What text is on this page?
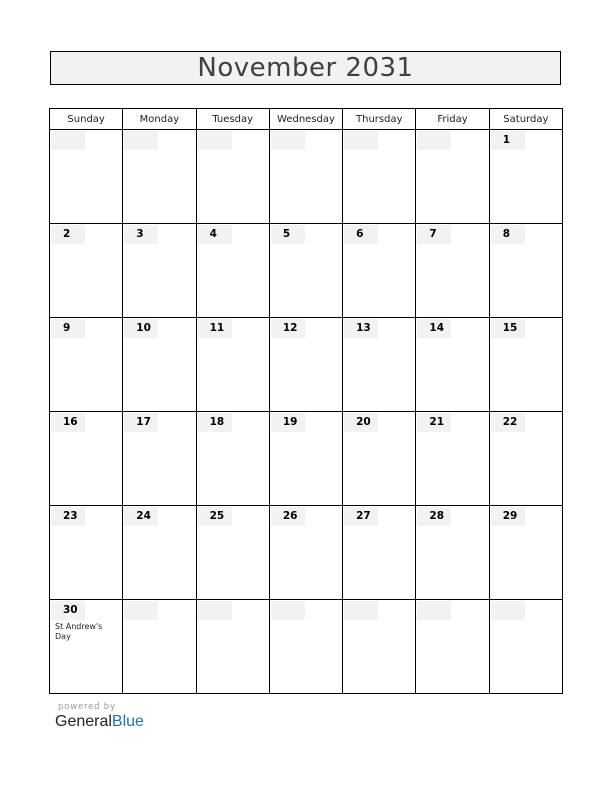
November 2031
Sunday	Monday	Tuesday	Wednesday	Thursday	Friday	Saturday

						1

2	3	4	5	6	7	8

9	10	11	12	13	14	15

16	17	18	19	20	21	22

23	24	25	26	27	28	29

30
St Andrew's Day						

powered by
GeneralBlue
